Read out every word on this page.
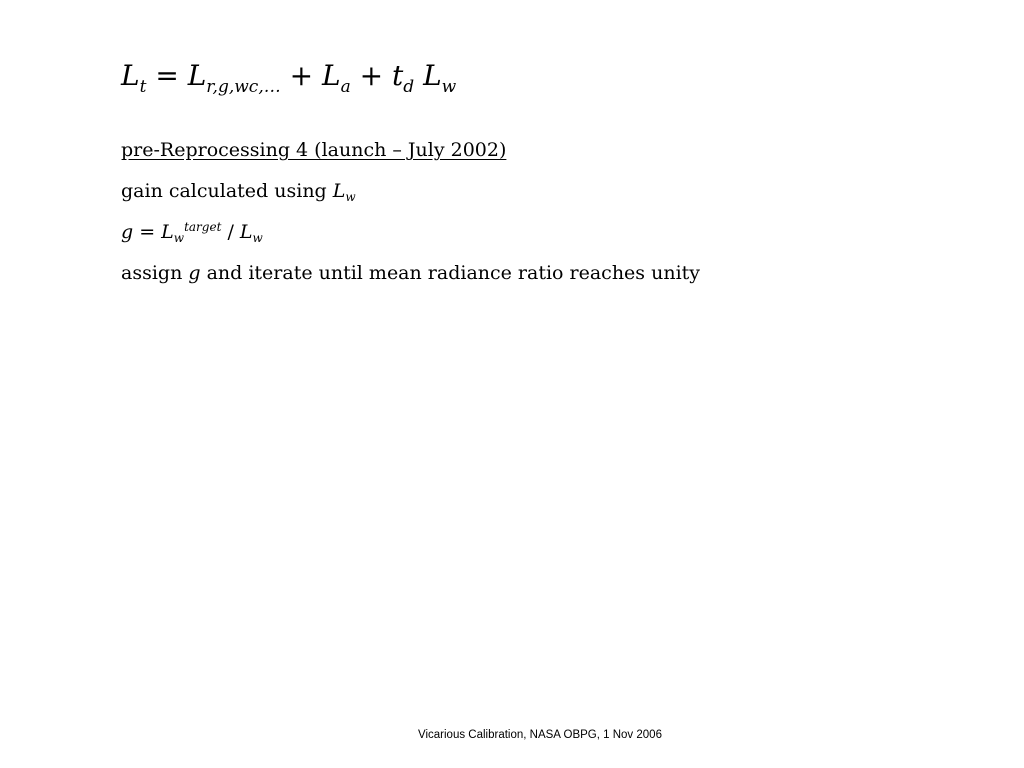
$L_t = L_{r,g,wc,\dots} + L_a + t_d$ $L_w$
pre-Reprocessing 4 (launch – July 2002)
gain calculated using $L_w$
$g = L_w^{target} / L_w$
assign g and iterate until mean radiance ratio reaches unity
Vicarious Calibration, NASA OBPG, 1 Nov 2006
